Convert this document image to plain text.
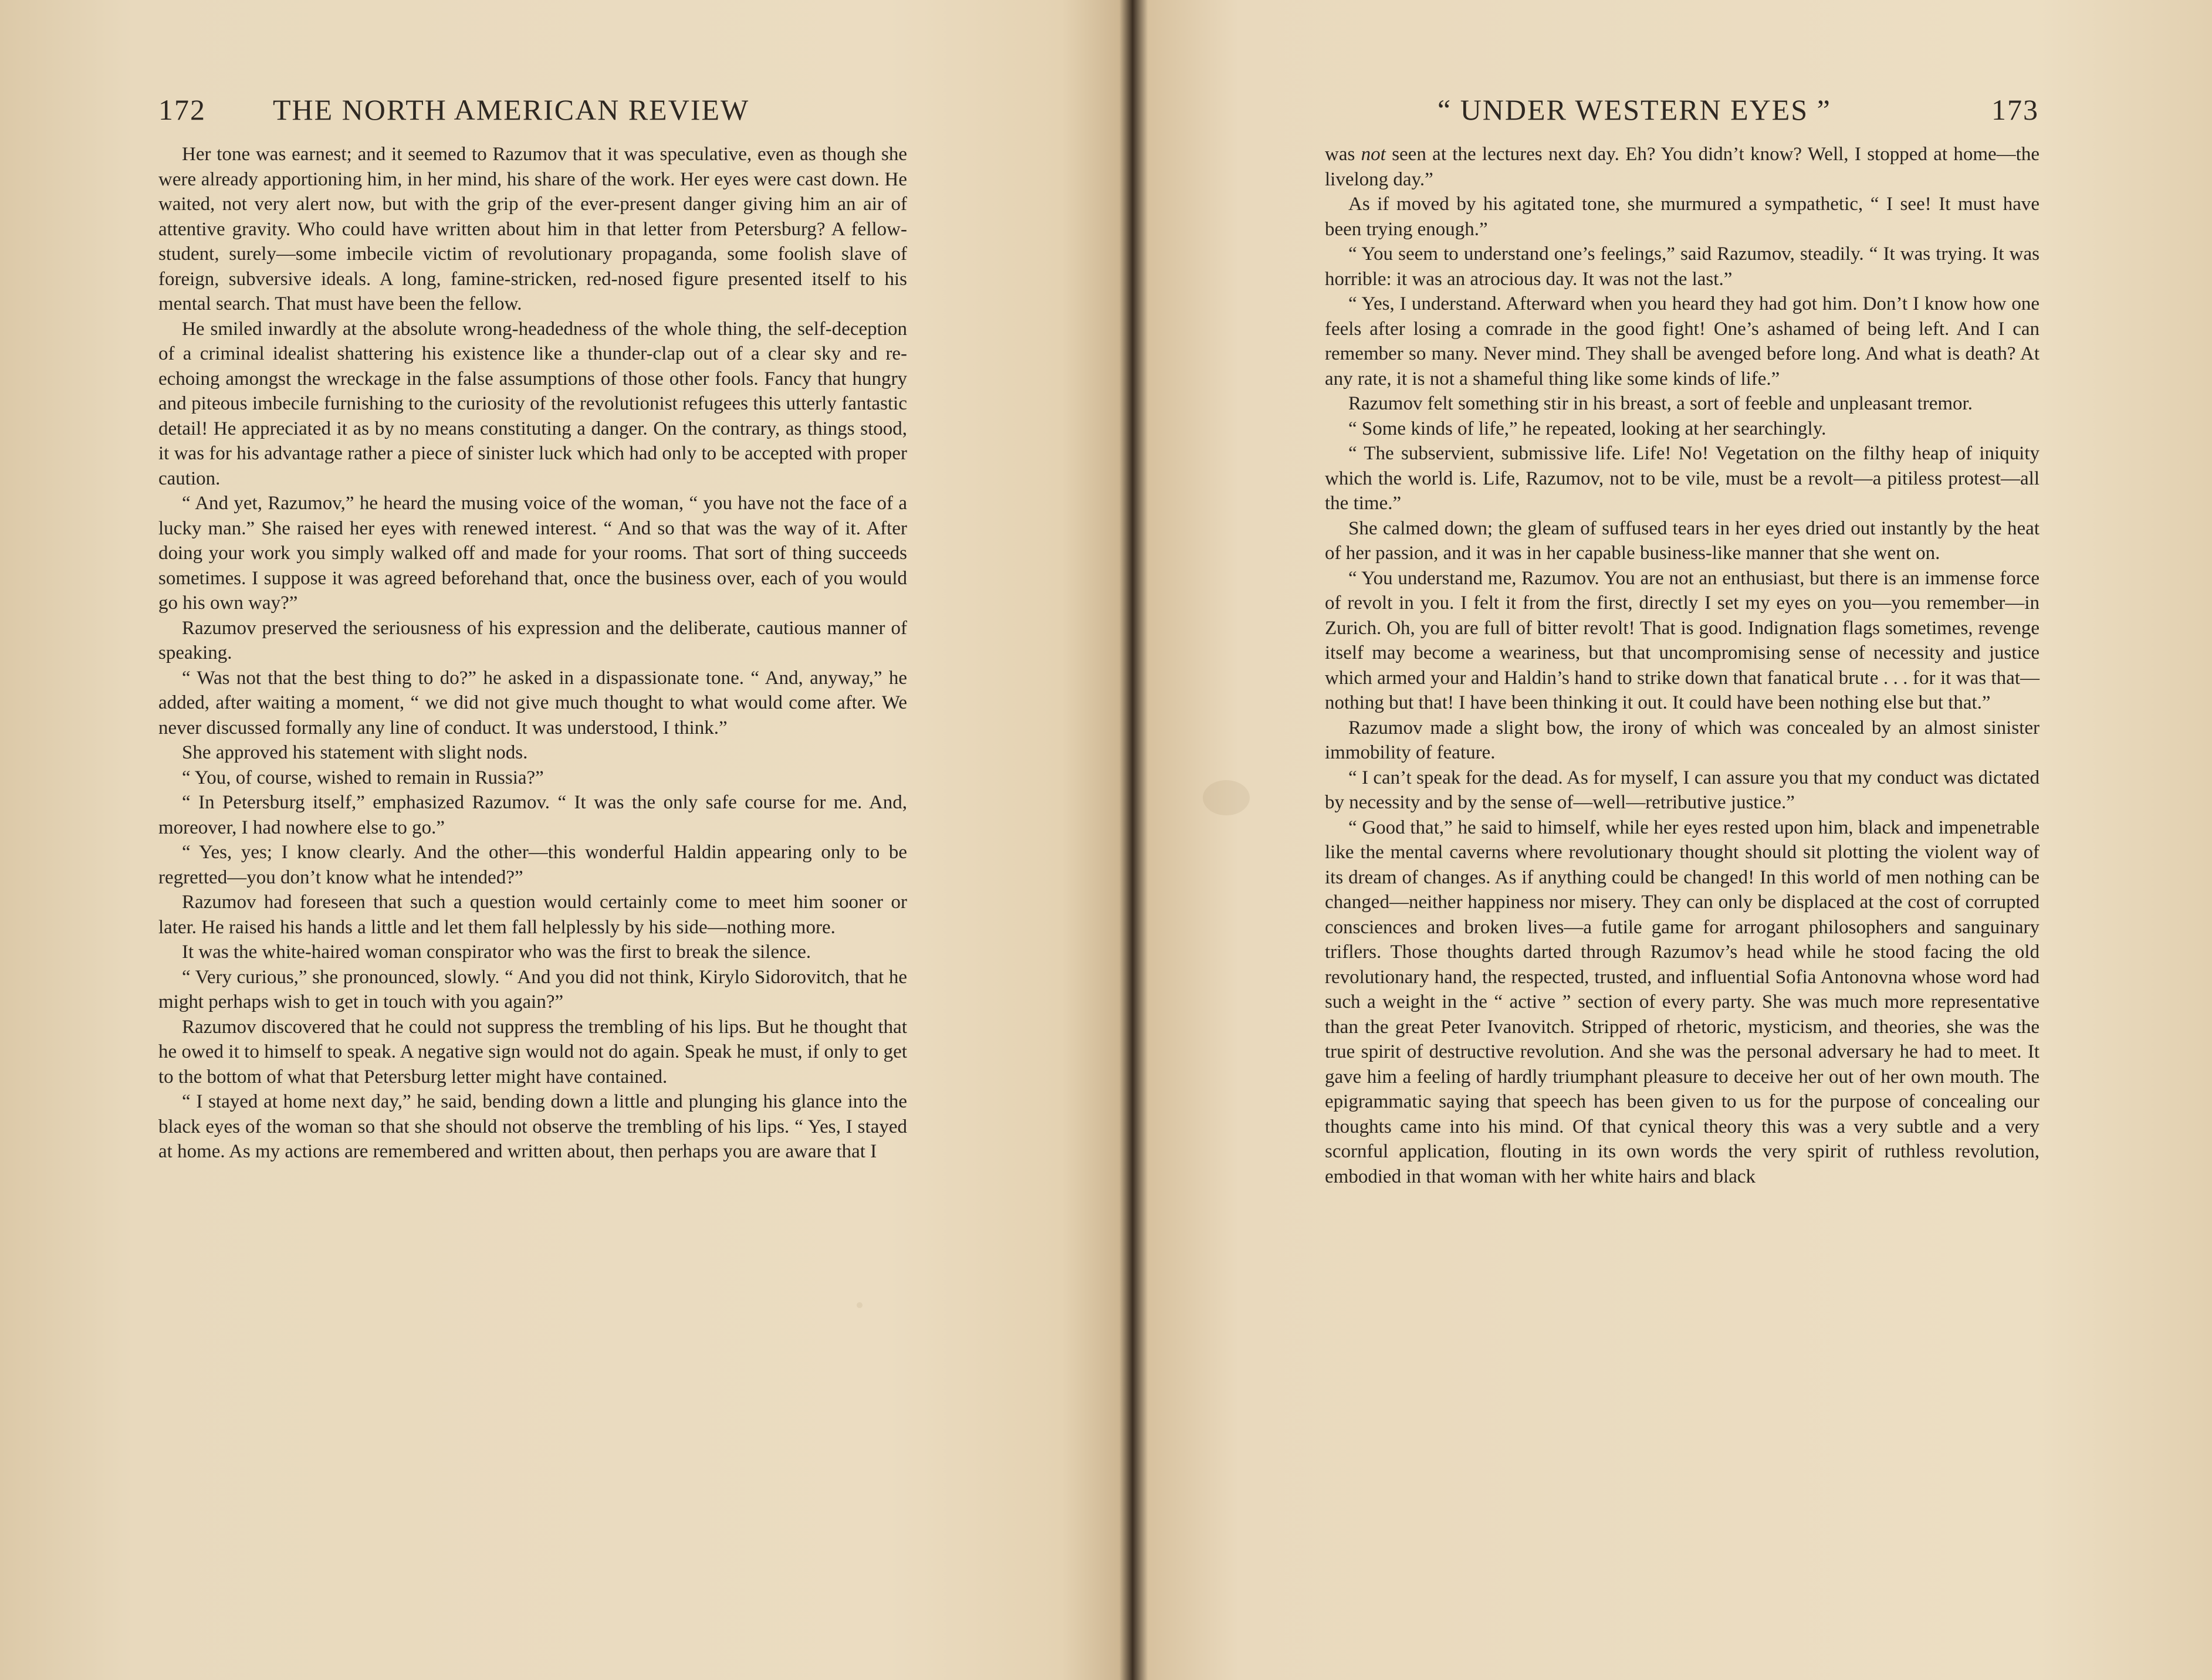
172 THE NORTH AMERICAN REVIEW

Her tone was earnest; and it seemed to Razumov that it was speculative, even as though she were already apportioning him, in her mind, his share of the work. Her eyes were cast down. He waited, not very alert now, but with the grip of the ever-present danger giving him an air of attentive gravity. Who could have written about him in that letter from Petersburg? A fellow-student, surely—some imbecile victim of revolutionary propaganda, some foolish slave of foreign, subversive ideals. A long, famine-stricken, red-nosed figure presented itself to his mental search. That must have been the fellow.

He smiled inwardly at the absolute wrong-headedness of the whole thing, the self-deception of a criminal idealist shattering his existence like a thunder-clap out of a clear sky and re-echoing amongst the wreckage in the false assumptions of those other fools. Fancy that hungry and piteous imbecile furnishing to the curiosity of the revolutionist refugees this utterly fantastic detail! He appreciated it as by no means constituting a danger. On the contrary, as things stood, it was for his advantage rather a piece of sinister luck which had only to be accepted with proper caution.

“ And yet, Razumov,” he heard the musing voice of the woman, “ you have not the face of a lucky man.” She raised her eyes with renewed interest. “ And so that was the way of it. After doing your work you simply walked off and made for your rooms. That sort of thing succeeds sometimes. I suppose it was agreed beforehand that, once the business over, each of you would go his own way?”

Razumov preserved the seriousness of his expression and the deliberate, cautious manner of speaking.

“ Was not that the best thing to do?” he asked in a dispassionate tone. “ And, anyway,” he added, after waiting a moment, “ we did not give much thought to what would come after. We never discussed formally any line of conduct. It was understood, I think.”

She approved his statement with slight nods.

“ You, of course, wished to remain in Russia?”

“ In Petersburg itself,” emphasized Razumov. “ It was the only safe course for me. And, moreover, I had nowhere else to go.”

“ Yes, yes; I know clearly. And the other—this wonderful Haldin appearing only to be regretted—you don’t know what he intended?”

Razumov had foreseen that such a question would certainly come to meet him sooner or later. He raised his hands a little and let them fall helplessly by his side—nothing more.

It was the white-haired woman conspirator who was the first to break the silence.

“ Very curious,” she pronounced, slowly. “ And you did not think, Kirylo Sidorovitch, that he might perhaps wish to get in touch with you again?”

Razumov discovered that he could not suppress the trembling of his lips. But he thought that he owed it to himself to speak. A negative sign would not do again. Speak he must, if only to get to the bottom of what that Petersburg letter might have contained.

“ I stayed at home next day,” he said, bending down a little and plunging his glance into the black eyes of the woman so that she should not observe the trembling of his lips. “ Yes, I stayed at home. As my actions are remembered and written about, then perhaps you are aware that I

“ UNDER WESTERN EYES ”	173

was not seen at the lectures next day. Eh? You didn’t know? Well, I stopped at home—the livelong day.”

As if moved by his agitated tone, she murmured a sympathetic, “ I see! It must have been trying enough.”

“ You seem to understand one’s feelings,” said Razumov, steadily. “ It was trying. It was horrible: it was an atrocious day. It was not the last.”

“ Yes, I understand. Afterward when you heard they had got him. Don’t I know how one feels after losing a comrade in the good fight! One’s ashamed of being left. And I can remember so many. Never mind. They shall be avenged before long. And what is death? At any rate, it is not a shameful thing like some kinds of life.”

Razumov felt something stir in his breast, a sort of feeble and unpleasant tremor.

“ Some kinds of life,” he repeated, looking at her searchingly.

“ The subservient, submissive life. Life! No! Vegetation on the filthy heap of iniquity which the world is. Life, Razumov, not to be vile, must be a revolt—a pitiless protest—all the time.”

She calmed down; the gleam of suffused tears in her eyes dried out instantly by the heat of her passion, and it was in her capable business-like manner that she went on.

“ You understand me, Razumov. You are not an enthusiast, but there is an immense force of revolt in you. I felt it from the first, directly I set my eyes on you—you remember—in Zurich. Oh, you are full of bitter revolt! That is good. Indignation flags sometimes, revenge itself may become a weariness, but that uncompromising sense of necessity and justice which armed your and Haldin’s hand to strike down that fanatical brute . . . for it was that—nothing but that! I have been thinking it out. It could have been nothing else but that.”

Razumov made a slight bow, the irony of which was concealed by an almost sinister immobility of feature.

“ I can’t speak for the dead. As for myself, I can assure you that my conduct was dictated by necessity and by the sense of—well—retributive justice.”

“ Good that,” he said to himself, while her eyes rested upon him, black and impenetrable like the mental caverns where revolutionary thought should sit plotting the violent way of its dream of changes. As if anything could be changed! In this world of men nothing can be changed—neither happiness nor misery. They can only be displaced at the cost of corrupted consciences and broken lives—a futile game for arrogant philosophers and sanguinary triflers. Those thoughts darted through Razumov’s head while he stood facing the old revolutionary hand, the respected, trusted, and influential Sofia Antonovna whose word had such a weight in the “ active ” section of every party. She was much more representative than the great Peter Ivanovitch. Stripped of rhetoric, mysticism, and theories, she was the true spirit of destructive revolution. And she was the personal adversary he had to meet. It gave him a feeling of hardly triumphant pleasure to deceive her out of her own mouth. The epigrammatic saying that speech has been given to us for the purpose of concealing our thoughts came into his mind. Of that cynical theory this was a very subtle and a very scornful application, flouting in its own words the very spirit of ruthless revolution, embodied in that woman with her white hairs and black
